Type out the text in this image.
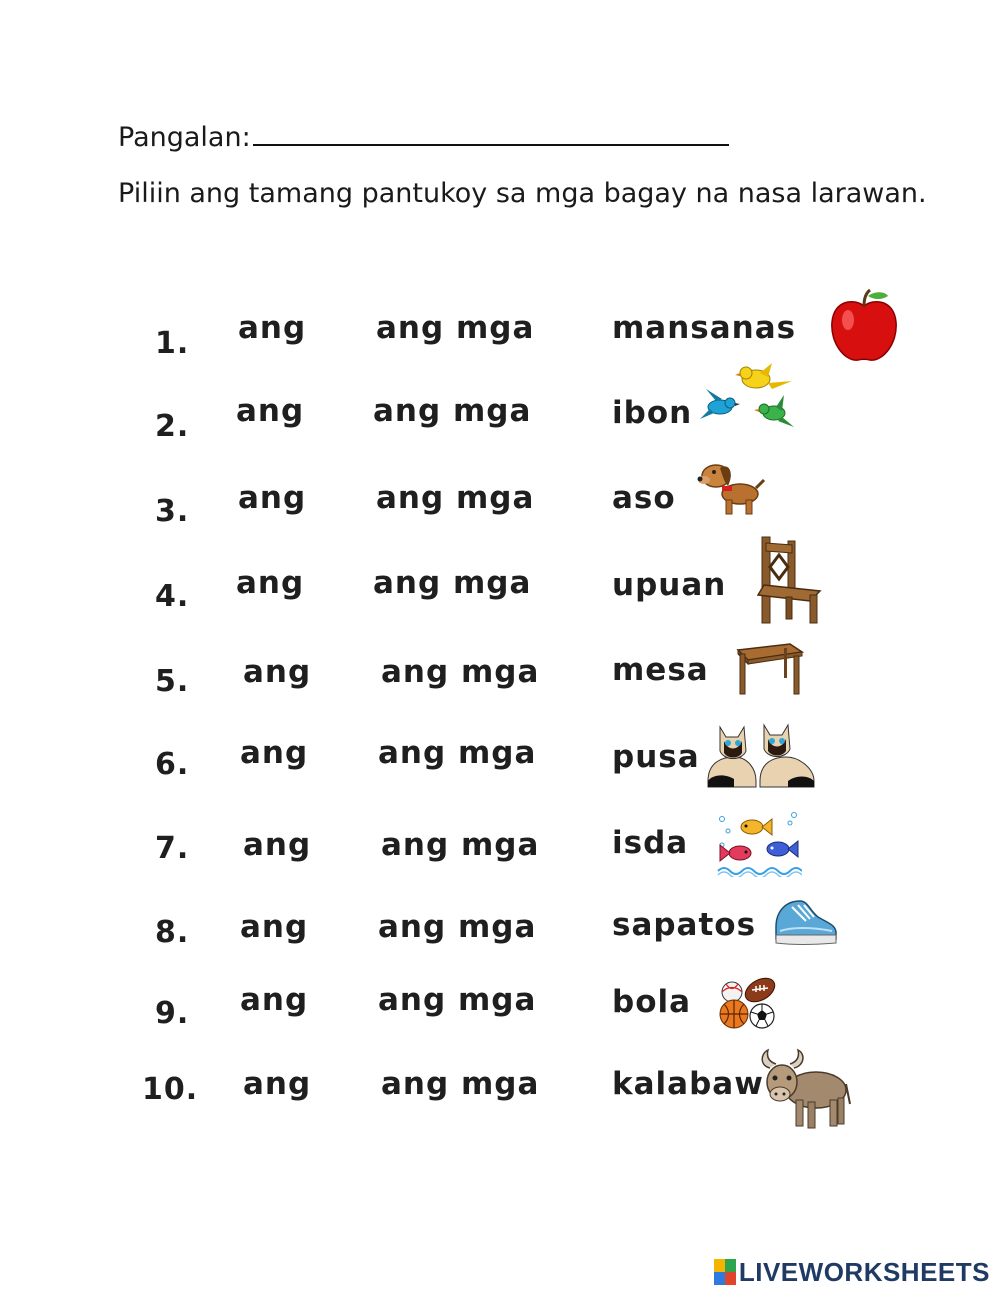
Pangalan:
Piliin ang tamang pantukoy sa mga bagay na nasa larawan.
1. ang ang mga	mansanas
2. ang ang mga	ibon
3. ang ang mga	aso
4. ang ang mga	upuan
5. ang ang mga mesa
6. ang ang mga pusa
7. ang ang mga isda
8. ang ang mga sapatos
9. ang ang mga bola
10. ang ang mga kalabaw
LIVEWORKSHEETS
